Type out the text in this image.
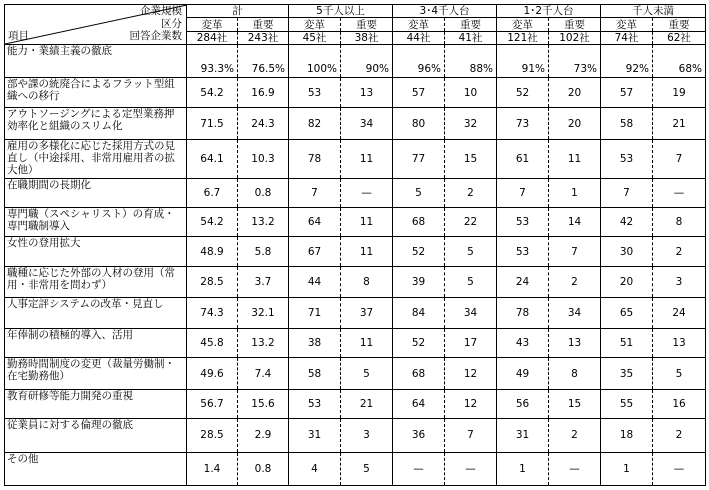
企業規模
区分
項目 回答企業数	計		5千人以上		3･4千人台		1･2千人台		千人未満	
	変革	重要	変革	重要	変革	重要	変革	重要	変革	重要
	284社	243社	45社	38社	44社	41社	121社	102社	74社	62社
能力・業績主義の徹底	93.3%	76.5%	100%	90%	96%	88%	91%	73%	92%	68%
部や課の統廃合によるフラット型組織への移行	54.2	16.9	53	13	57	10	52	20	57	19
アウトソージングによる定型業務押効率化と組織のスリム化	71.5	24.3	82	34	80	32	73	20	58	21
雇用の多様化に応じた採用方式の見直し（中途採用、非常用雇用者の拡大他）	64.1	10.3	78	11	77	15	61	11	53	7
在職期間の長期化	6.7	0.8	7	—	5	2	7	1	7	—
専門職（スペシャリスト）の育成・専門職制導入	54.2	13.2	64	11	68	22	53	14	42	8
女性の登用拡大	48.9	5.8	67	11	52	5	53	7	30	2
職種に応じた外部の人材の登用（常用・非常用を問わず）	28.5	3.7	44	8	39	5	24	2	20	3
人事定評システムの改革・見直し	74.3	32.1	71	37	84	34	78	34	65	24
年俸制の積極的導入、活用	45.8	13.2	38	11	52	17	43	13	51	13
勤務時間制度の変更（裁量労働制・在宅勤務他）	49.6	7.4	58	5	68	12	49	8	35	5
教育研修等能力開発の重視	56.7	15.6	53	21	64	12	56	15	55	16
従業員に対する倫理の徹底	28.5	2.9	31	3	36	7	31	2	18	2
その他	1.4	0.8	4	5	—	—	1	—	1	—
